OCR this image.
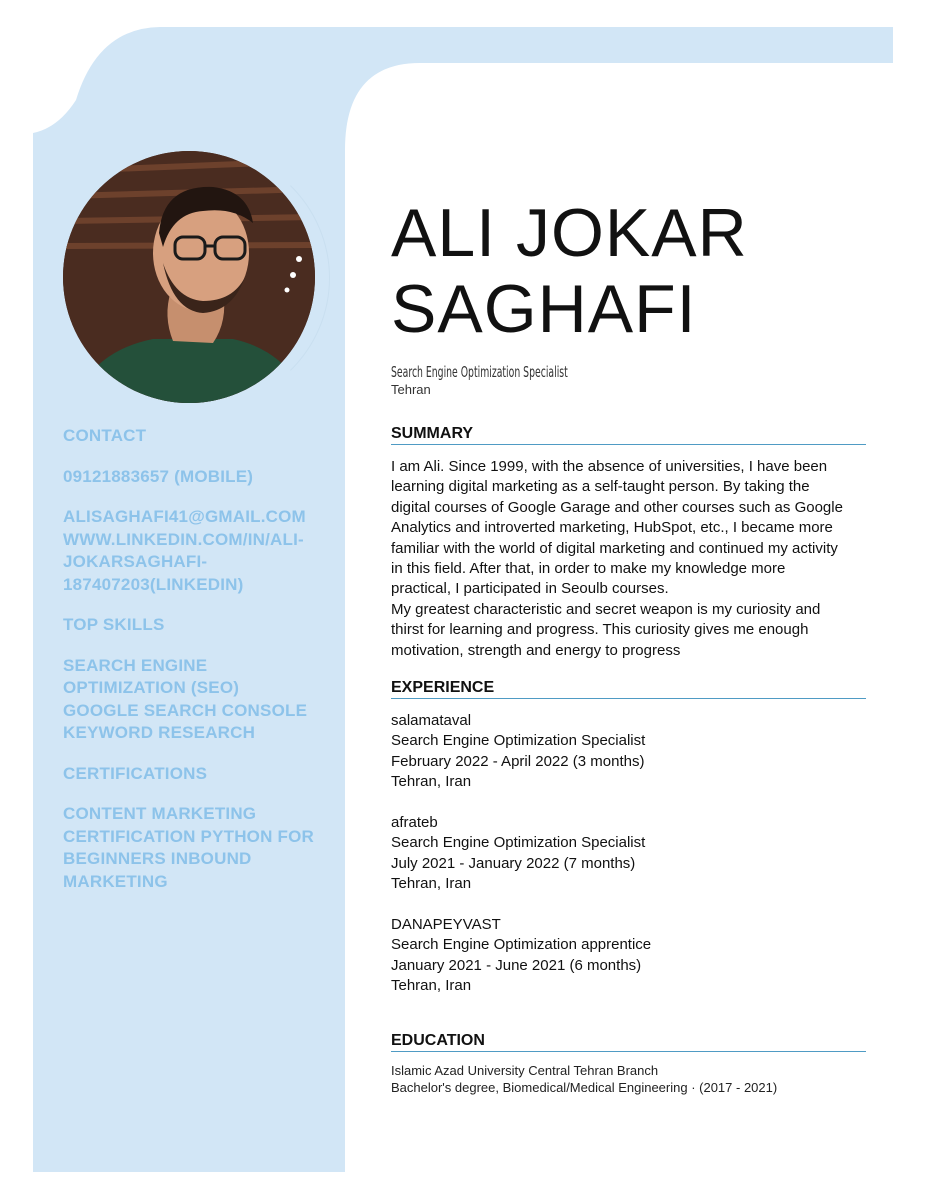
CONTACT
09121883657 (MOBILE)
ALISAGHAFI41@GMAIL.COM
WWW.LINKEDIN.COM/IN/ALI-
JOKARSAGHAFI-
187407203(LINKEDIN)
TOP SKILLS
SEARCH ENGINE
OPTIMIZATION (SEO)
GOOGLE SEARCH CONSOLE
KEYWORD RESEARCH
CERTIFICATIONS
CONTENT MARKETING
CERTIFICATION PYTHON FOR
BEGINNERS INBOUND
MARKETING
ALI JOKAR
SAGHAFI
Search Engine Optimization Specialist
Tehran
SUMMARY
I am Ali. Since 1999, with the absence of universities, I have been
learning digital marketing as a self-taught person. By taking the
digital courses of Google Garage and other courses such as Google
Analytics and introverted marketing, HubSpot, etc., I became more
familiar with the world of digital marketing and continued my activity
in this field. After that, in order to make my knowledge more
practical, I participated in Seoulb courses.
My greatest characteristic and secret weapon is my curiosity and
thirst for learning and progress. This curiosity gives me enough
motivation, strength and energy to progress
EXPERIENCE
salamataval
Search Engine Optimization Specialist
February 2022 - April 2022 (3 months)
Tehran, Iran
afrateb
Search Engine Optimization Specialist
July 2021 - January 2022 (7 months)
Tehran, Iran
DANAPEYVAST
Search Engine Optimization apprentice
January 2021 - June 2021 (6 months)
Tehran, Iran
EDUCATION
Islamic Azad University Central Tehran Branch
Bachelor's degree, Biomedical/Medical Engineering · (2017 - 2021)
